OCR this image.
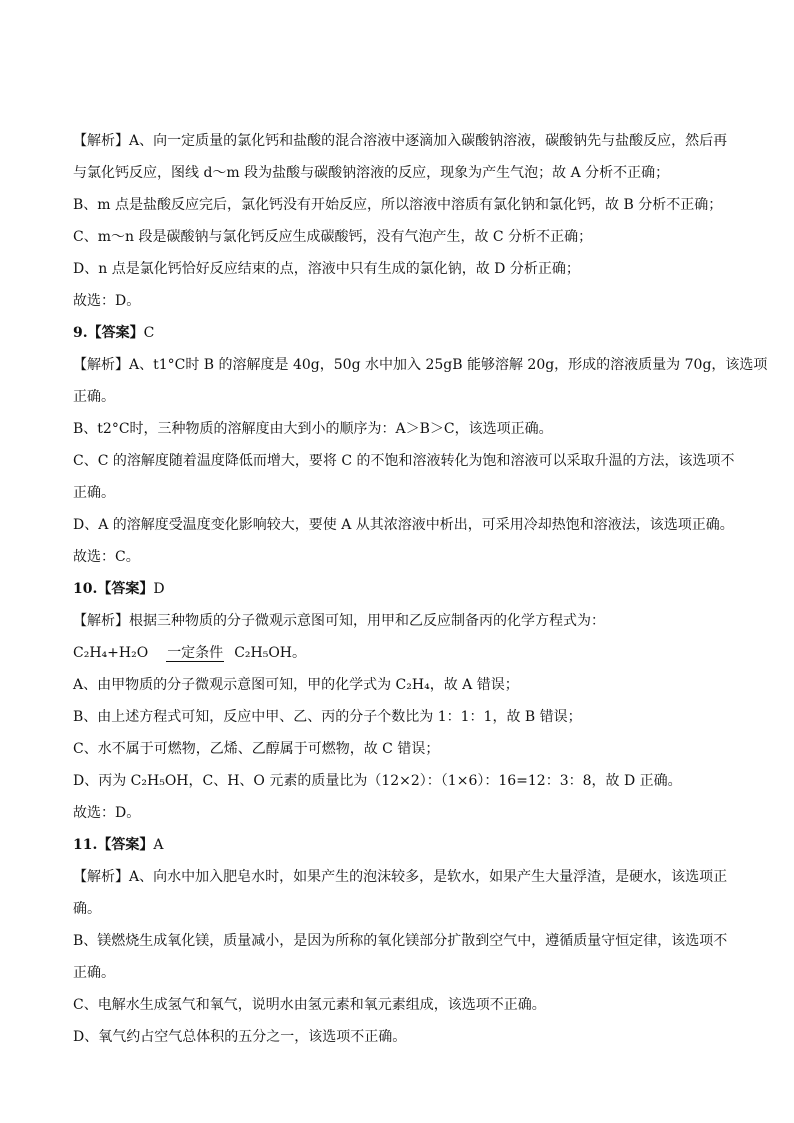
【解析】A、向一定质量的氯化钙和盐酸的混合溶液中逐滴加入碳酸钠溶液，碳酸钠先与盐酸反应，然后再
与氯化钙反应，图线 d～m 段为盐酸与碳酸钠溶液的反应，现象为产生气泡；故 A 分析不正确；
B、m 点是盐酸反应完后，氯化钙没有开始反应，所以溶液中溶质有氯化钠和氯化钙，故 B 分析不正确；
C、m～n 段是碳酸钠与氯化钙反应生成碳酸钙，没有气泡产生，故 C 分析不正确；
D、n 点是氯化钙恰好反应结束的点，溶液中只有生成的氯化钠，故 D 分析正确；
故选：D。
9.【答案】C
【解析】A、t1°C时 B 的溶解度是 40g，50g 水中加入 25gB 能够溶解 20g，形成的溶液质量为 70g，该选项
正确。
B、t2°C时，三种物质的溶解度由大到小的顺序为：A＞B＞C，该选项正确。
C、C 的溶解度随着温度降低而增大，要将 C 的不饱和溶液转化为饱和溶液可以采取升温的方法，该选项不
正确。
D、A 的溶解度受温度变化影响较大，要使 A 从其浓溶液中析出，可采用冷却热饱和溶液法，该选项正确。
故选：C。
10.【答案】D
【解析】根据三种物质的分子微观示意图可知，用甲和乙反应制备丙的化学方程式为：
C₂H₄+H₂O 一定条件 C₂H₅OH。
A、由甲物质的分子微观示意图可知，甲的化学式为 C₂H₄，故 A 错误；
B、由上述方程式可知，反应中甲、乙、丙的分子个数比为 1：1：1，故 B 错误；
C、水不属于可燃物，乙烯、乙醇属于可燃物，故 C 错误；
D、丙为 C₂H₅OH，C、H、O 元素的质量比为（12×2）：（1×6）：16=12：3：8，故 D 正确。
故选：D。
11.【答案】A
【解析】A、向水中加入肥皂水时，如果产生的泡沫较多，是软水，如果产生大量浮渣，是硬水，该选项正
确。
B、镁燃烧生成氧化镁，质量减小，是因为所称的氧化镁部分扩散到空气中，遵循质量守恒定律，该选项不
正确。
C、电解水生成氢气和氧气，说明水由氢元素和氧元素组成，该选项不正确。
D、氧气约占空气总体积的五分之一，该选项不正确。
